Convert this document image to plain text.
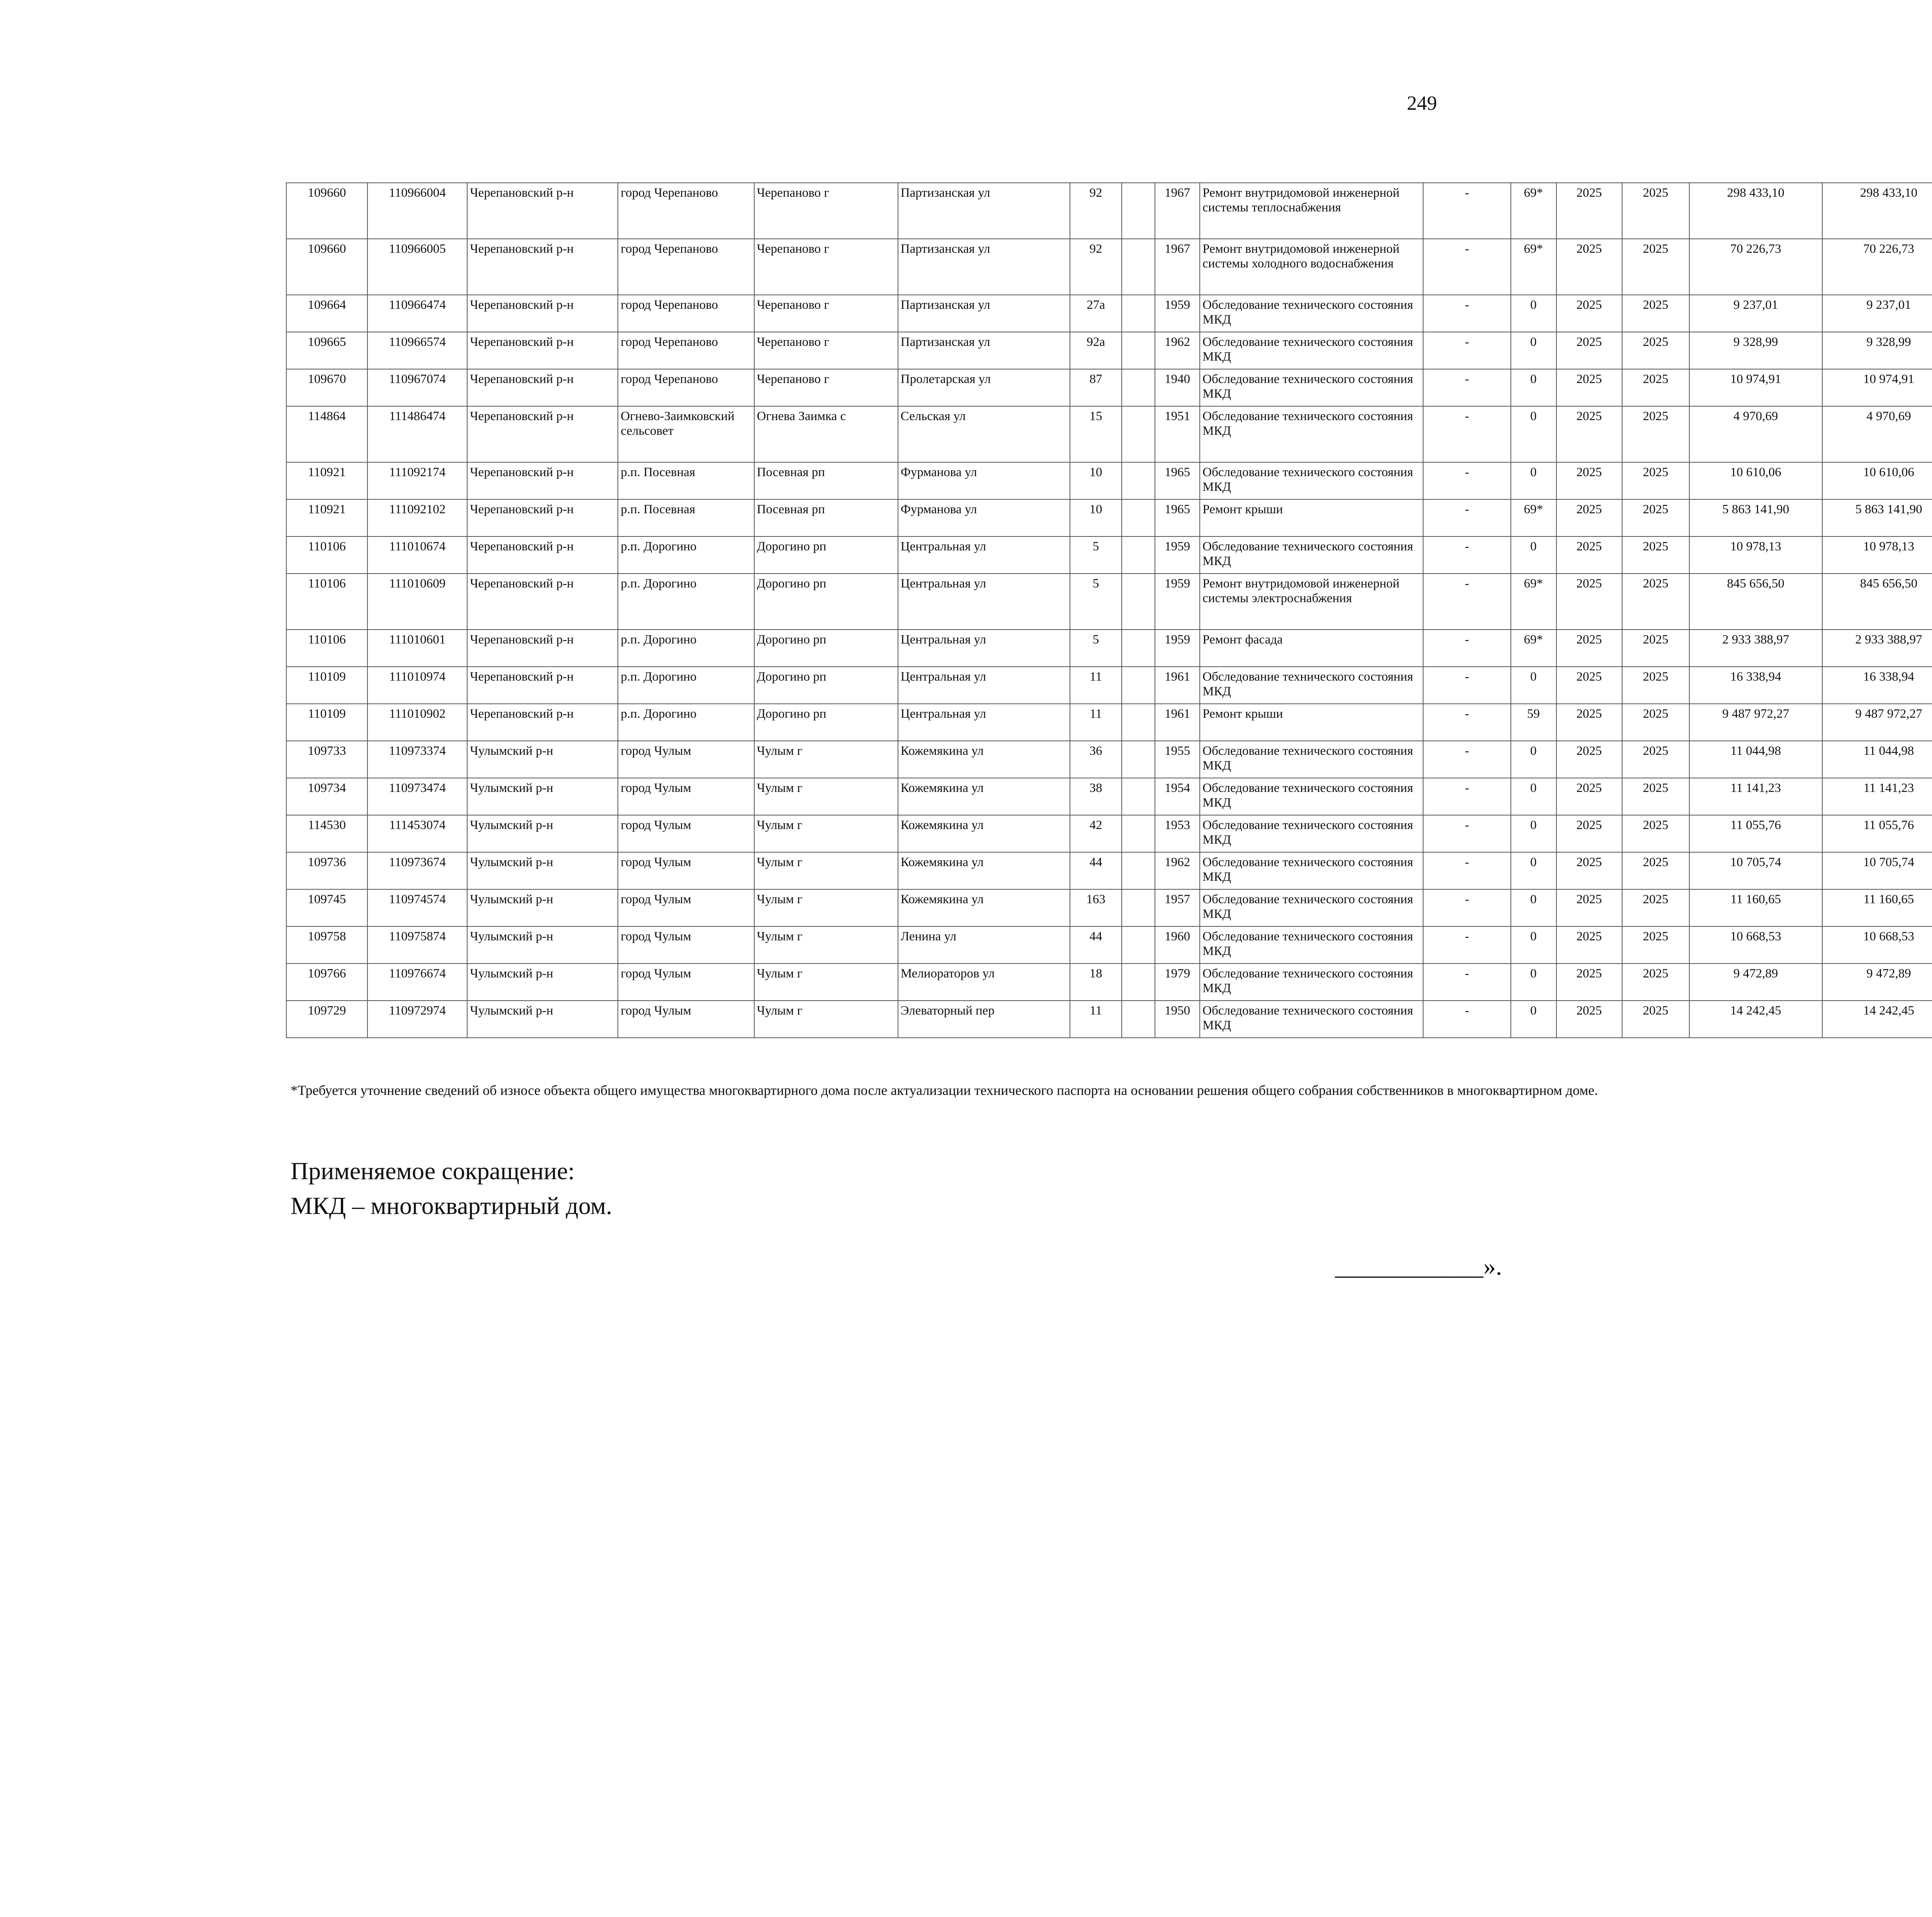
249
109660	110966004	Черепановский р-н	город Черепаново	Черепаново г	Партизанская ул	92		1967	Ремонт внутридомовой инженерной системы теплоснабжения	-	69*	2025	2025	298 433,10	298 433,10						
109660	110966005	Черепановский р-н	город Черепаново	Черепаново г	Партизанская ул	92		1967	Ремонт внутридомовой инженерной системы холодного водоснабжения	-	69*	2025	2025	70 226,73	70 226,73						
109664	110966474	Черепановский р-н	город Черепаново	Черепаново г	Партизанская ул	27а		1959	Обследование технического состояния МКД	-	0	2025	2025	9 237,01	9 237,01						
109665	110966574	Черепановский р-н	город Черепаново	Черепаново г	Партизанская ул	92а		1962	Обследование технического состояния МКД	-	0	2025	2025	9 328,99	9 328,99						
109670	110967074	Черепановский р-н	город Черепаново	Черепаново г	Пролетарская ул	87		1940	Обследование технического состояния МКД	-	0	2025	2025	10 974,91	10 974,91						
114864	111486474	Черепановский р-н	Огнево-Заимковский сельсовет	Огнева Заимка с	Сельская ул	15		1951	Обследование технического состояния МКД	-	0	2025	2025	4 970,69	4 970,69						
110921	111092174	Черепановский р-н	р.п. Посевная	Посевная рп	Фурманова ул	10		1965	Обследование технического состояния МКД	-	0	2025	2025	10 610,06	10 610,06						
110921	111092102	Черепановский р-н	р.п. Посевная	Посевная рп	Фурманова ул	10		1965	Ремонт крыши	-	69*	2025	2025	5 863 141,90	5 863 141,90						
110106	111010674	Черепановский р-н	р.п. Дорогино	Дорогино рп	Центральная ул	5		1959	Обследование технического состояния МКД	-	0	2025	2025	10 978,13	10 978,13						
110106	111010609	Черепановский р-н	р.п. Дорогино	Дорогино рп	Центральная ул	5		1959	Ремонт внутридомовой инженерной системы электроснабжения	-	69*	2025	2025	845 656,50	845 656,50						
110106	111010601	Черепановский р-н	р.п. Дорогино	Дорогино рп	Центральная ул	5		1959	Ремонт фасада	-	69*	2025	2025	2 933 388,97	2 933 388,97						
110109	111010974	Черепановский р-н	р.п. Дорогино	Дорогино рп	Центральная ул	11		1961	Обследование технического состояния МКД	-	0	2025	2025	16 338,94	16 338,94						
110109	111010902	Черепановский р-н	р.п. Дорогино	Дорогино рп	Центральная ул	11		1961	Ремонт крыши	-	59	2025	2025	9 487 972,27	9 487 972,27						
109733	110973374	Чулымский р-н	город Чулым	Чулым г	Кожемякина ул	36		1955	Обследование технического состояния МКД	-	0	2025	2025	11 044,98	11 044,98						
109734	110973474	Чулымский р-н	город Чулым	Чулым г	Кожемякина ул	38		1954	Обследование технического состояния МКД	-	0	2025	2025	11 141,23	11 141,23						
114530	111453074	Чулымский р-н	город Чулым	Чулым г	Кожемякина ул	42		1953	Обследование технического состояния МКД	-	0	2025	2025	11 055,76	11 055,76						
109736	110973674	Чулымский р-н	город Чулым	Чулым г	Кожемякина ул	44		1962	Обследование технического состояния МКД	-	0	2025	2025	10 705,74	10 705,74						
109745	110974574	Чулымский р-н	город Чулым	Чулым г	Кожемякина ул	163		1957	Обследование технического состояния МКД	-	0	2025	2025	11 160,65	11 160,65						
109758	110975874	Чулымский р-н	город Чулым	Чулым г	Ленина ул	44		1960	Обследование технического состояния МКД	-	0	2025	2025	10 668,53	10 668,53						
109766	110976674	Чулымский р-н	город Чулым	Чулым г	Мелиораторов ул	18		1979	Обследование технического состояния МКД	-	0	2025	2025	9 472,89	9 472,89						
109729	110972974	Чулымский р-н	город Чулым	Чулым г	Элеваторный пер	11		1950	Обследование технического состояния МКД	-	0	2025	2025	14 242,45	14 242,45						
*Требуется уточнение сведений об износе объекта общего имущества многоквартирного дома после актуализации технического паспорта на основании решения общего собрания собственников в многоквартирном доме.
Применяемое сокращение:
МКД – многоквартирный дом.
____________».
